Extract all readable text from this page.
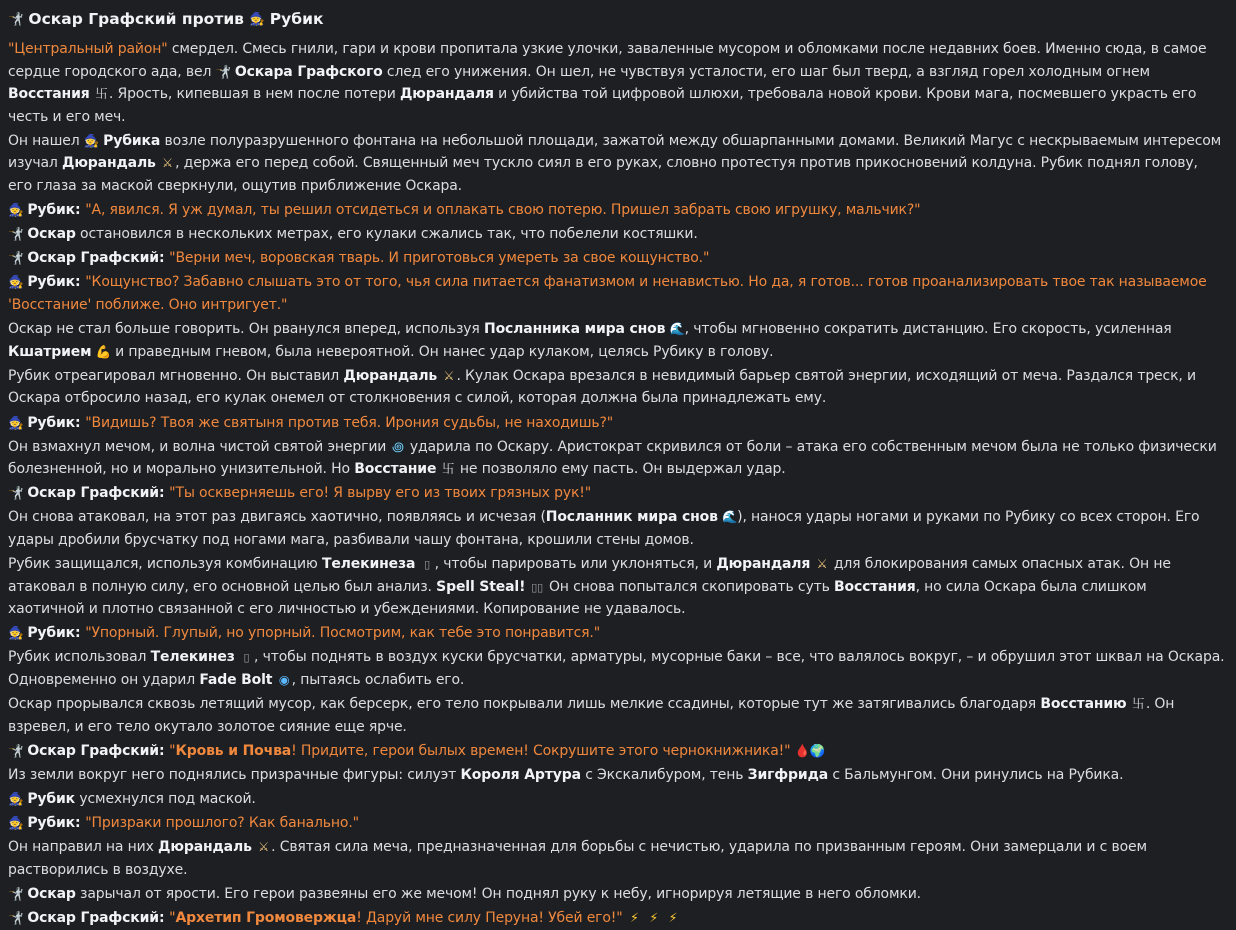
🤺
Оскар Графский против 🧙
Рубик
"Центральный район" смердел. Смесь гнили, гари и крови пропитала узкие улочки, заваленные мусором и обломками после недавних боев. Именно сюда, в самое сердце городского ада, вел 🤺 Оскара Графского след его унижения. Он шел, не чувствуя усталости, его шаг был тверд, а взгляд горел холодным огнем Восстания 卐. Ярость, кипевшая в нем после потери Дюрандаля и убийства той цифровой шлюхи, требовала новой крови. Крови мага, посмевшего украсть его честь и его меч.
Он нашел 🧙 Рубика возле полуразрушенного фонтана на небольшой площади, зажатой между обшарпанными домами. Великий Магус с нескрываемым интересом изучал Дюрандаль ⚔ , держа его перед собой. Священный меч тускло сиял в его руках, словно протестуя против прикосновений колдуна. Рубик поднял голову, его глаза за маской сверкнули, ощутив приближение Оскара.
🧙 Рубик: "А, явился. Я уж думал, ты решил отсидеться и оплакать свою потерю. Пришел забрать свою игрушку, мальчик?"
🤺 Оскар остановился в нескольких метрах, его кулаки сжались так, что побелели костяшки.
🤺 Оскар Графский: "Верни меч, воровская тварь. И приготовься умереть за свое кощунство."
🧙 Рубик: "Кощунство? Забавно слышать это от того, чья сила питается фанатизмом и ненавистью. Но да, я готов... готов проанализировать твое так называемое 'Восстание' поближе. Оно интригует."
Оскар не стал больше говорить. Он рванулся вперед, используя Посланника мира снов 🌊, чтобы мгновенно сократить дистанцию. Его скорость, усиленная Кшатрием 💪 и праведным гневом, была невероятной. Он нанес удар кулаком, целясь Рубику в голову.
Рубик отреагировал мгновенно. Он выставил Дюрандаль ⚔ . Кулак Оскара врезался в невидимый барьер святой энергии, исходящий от меча. Раздался треск, и Оскара отбросило назад, его кулак онемел от столкновения с силой, которая должна была принадлежать ему.
🧙 Рубик: "Видишь? Твоя же святыня против тебя. Ирония судьбы, не находишь?"
Он взмахнул мечом, и волна чистой святой энергии ꩜ ударила по Оскару. Аристократ скривился от боли – атака его собственным мечом была не только физически болезненной, но и морально унизительной. Но Восстание 卐 не позволяло ему пасть. Он выдержал удар.
🤺 Оскар Графский: "Ты оскверняешь его! Я вырву его из твоих грязных рук!"
Он снова атаковал, на этот раз двигаясь хаотично, появляясь и исчезая (Посланник мира снов 🌊), нанося удары ногами и руками по Рубику со всех сторон. Его удары дробили брусчатку под ногами мага, разбивали чашу фонтана, крошили стены домов.
Рубик защищался, используя комбинацию Телекинеза ▯ , чтобы парировать или уклоняться, и Дюрандаля ⚔ для блокирования самых опасных атак. Он не атаковал в полную силу, его основной целью был анализ. Spell Steal! ▯▯ Он снова попытался скопировать суть Восстания, но сила Оскара была слишком хаотичной и плотно связанной с его личностью и убеждениями. Копирование не удавалось.
🧙 Рубик: "Упорный. Глупый, но упорный. Посмотрим, как тебе это понравится."
Рубик использовал Телекинез ▯ , чтобы поднять в воздух куски брусчатки, арматуры, мусорные баки – все, что валялось вокруг, – и обрушил этот шквал на Оскара. Одновременно он ударил Fade Bolt ◉ , пытаясь ослабить его.
Оскар прорывался сквозь летящий мусор, как берсерк, его тело покрывали лишь мелкие ссадины, которые тут же затягивались благодаря Восстанию 卐. Он взревел, и его тело окутало золотое сияние еще ярче.
🤺 Оскар Графский: "Кровь и Почва! Придите, герои былых времен! Сокрушите этого чернокнижника!" 🩸🌍
Из земли вокруг него поднялись призрачные фигуры: силуэт Короля Артура с Экскалибуром, тень Зигфрида с Бальмунгом. Они ринулись на Рубика.
🧙 Рубик усмехнулся под маской.
🧙 Рубик: "Призраки прошлого? Как банально."
Он направил на них Дюрандаль ⚔ . Святая сила меча, предназначенная для борьбы с нечистью, ударила по призванным героям. Они замерцали и с воем растворились в воздухе.
🤺 Оскар зарычал от ярости. Его герои развеяны его же мечом! Он поднял руку к небу, игнорируя летящие в него обломки.
🤺 Оскар Графский: "Архетип Громовержца! Даруй мне силу Перуна! Убей его!" ⚡ ⚡ ⚡
